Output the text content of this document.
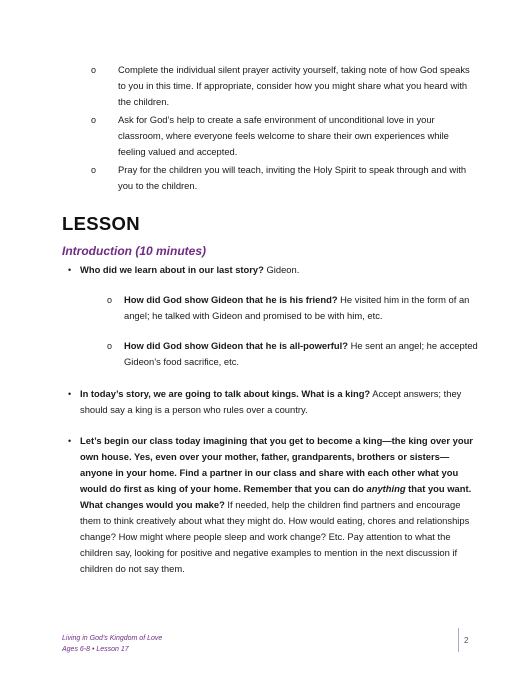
o	Complete the individual silent prayer activity yourself, taking note of how God speaks to you in this time. If appropriate, consider how you might share what you heard with the children.
o	Ask for God’s help to create a safe environment of unconditional love in your classroom, where everyone feels welcome to share their own experiences while feeling valued and accepted.
o	Pray for the children you will teach, inviting the Holy Spirit to speak through and with you to the children.
LESSON
Introduction (10 minutes)
• Who did we learn about in our last story? Gideon.
o How did God show Gideon that he is his friend? He visited him in the form of an angel; he talked with Gideon and promised to be with him, etc.
o How did God show Gideon that he is all-powerful? He sent an angel; he accepted Gideon’s food sacrifice, etc.
• In today’s story, we are going to talk about kings. What is a king? Accept answers; they should say a king is a person who rules over a country.
• Let’s begin our class today imagining that you get to become a king—the king over your own house. Yes, even over your mother, father, grandparents, brothers or sisters—anyone in your home. Find a partner in our class and share with each other what you would do first as king of your home. Remember that you can do anything that you want. What changes would you make? If needed, help the children find partners and encourage them to think creatively about what they might do. How would eating, chores and relationships change? How might where people sleep and work change? Etc. Pay attention to what the children say, looking for positive and negative examples to mention in the next discussion if children do not say them.
Living in God’s Kingdom of Love
Ages 6-8 • Lesson 17
2
